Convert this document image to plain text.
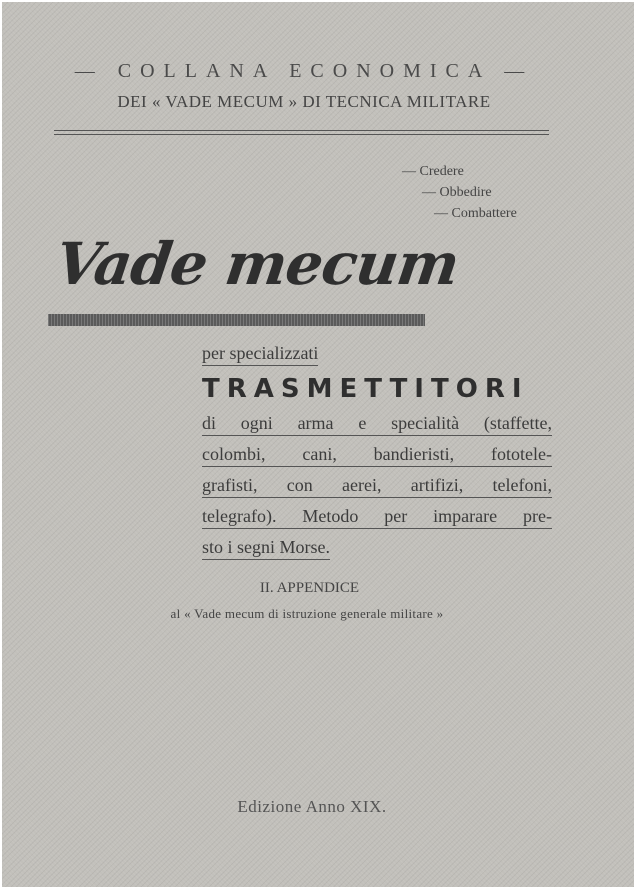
— COLLANA ECONOMICA —
DEI « VADE MECUM » DI TECNICA MILITARE
— Credere
— Obbedire
— Combattere
Vade mecum
per specializzati
TRASMETTITORI
di ogni arma e specialità (staffette,
colombi, cani, bandieristi, fototele-
grafisti, con aerei, artifizi, telefoni,
telegrafo). Metodo per imparare pre-
sto i segni Morse.
II. APPENDICE
al « Vade mecum di istruzione generale militare »
Edizione Anno XIX.
